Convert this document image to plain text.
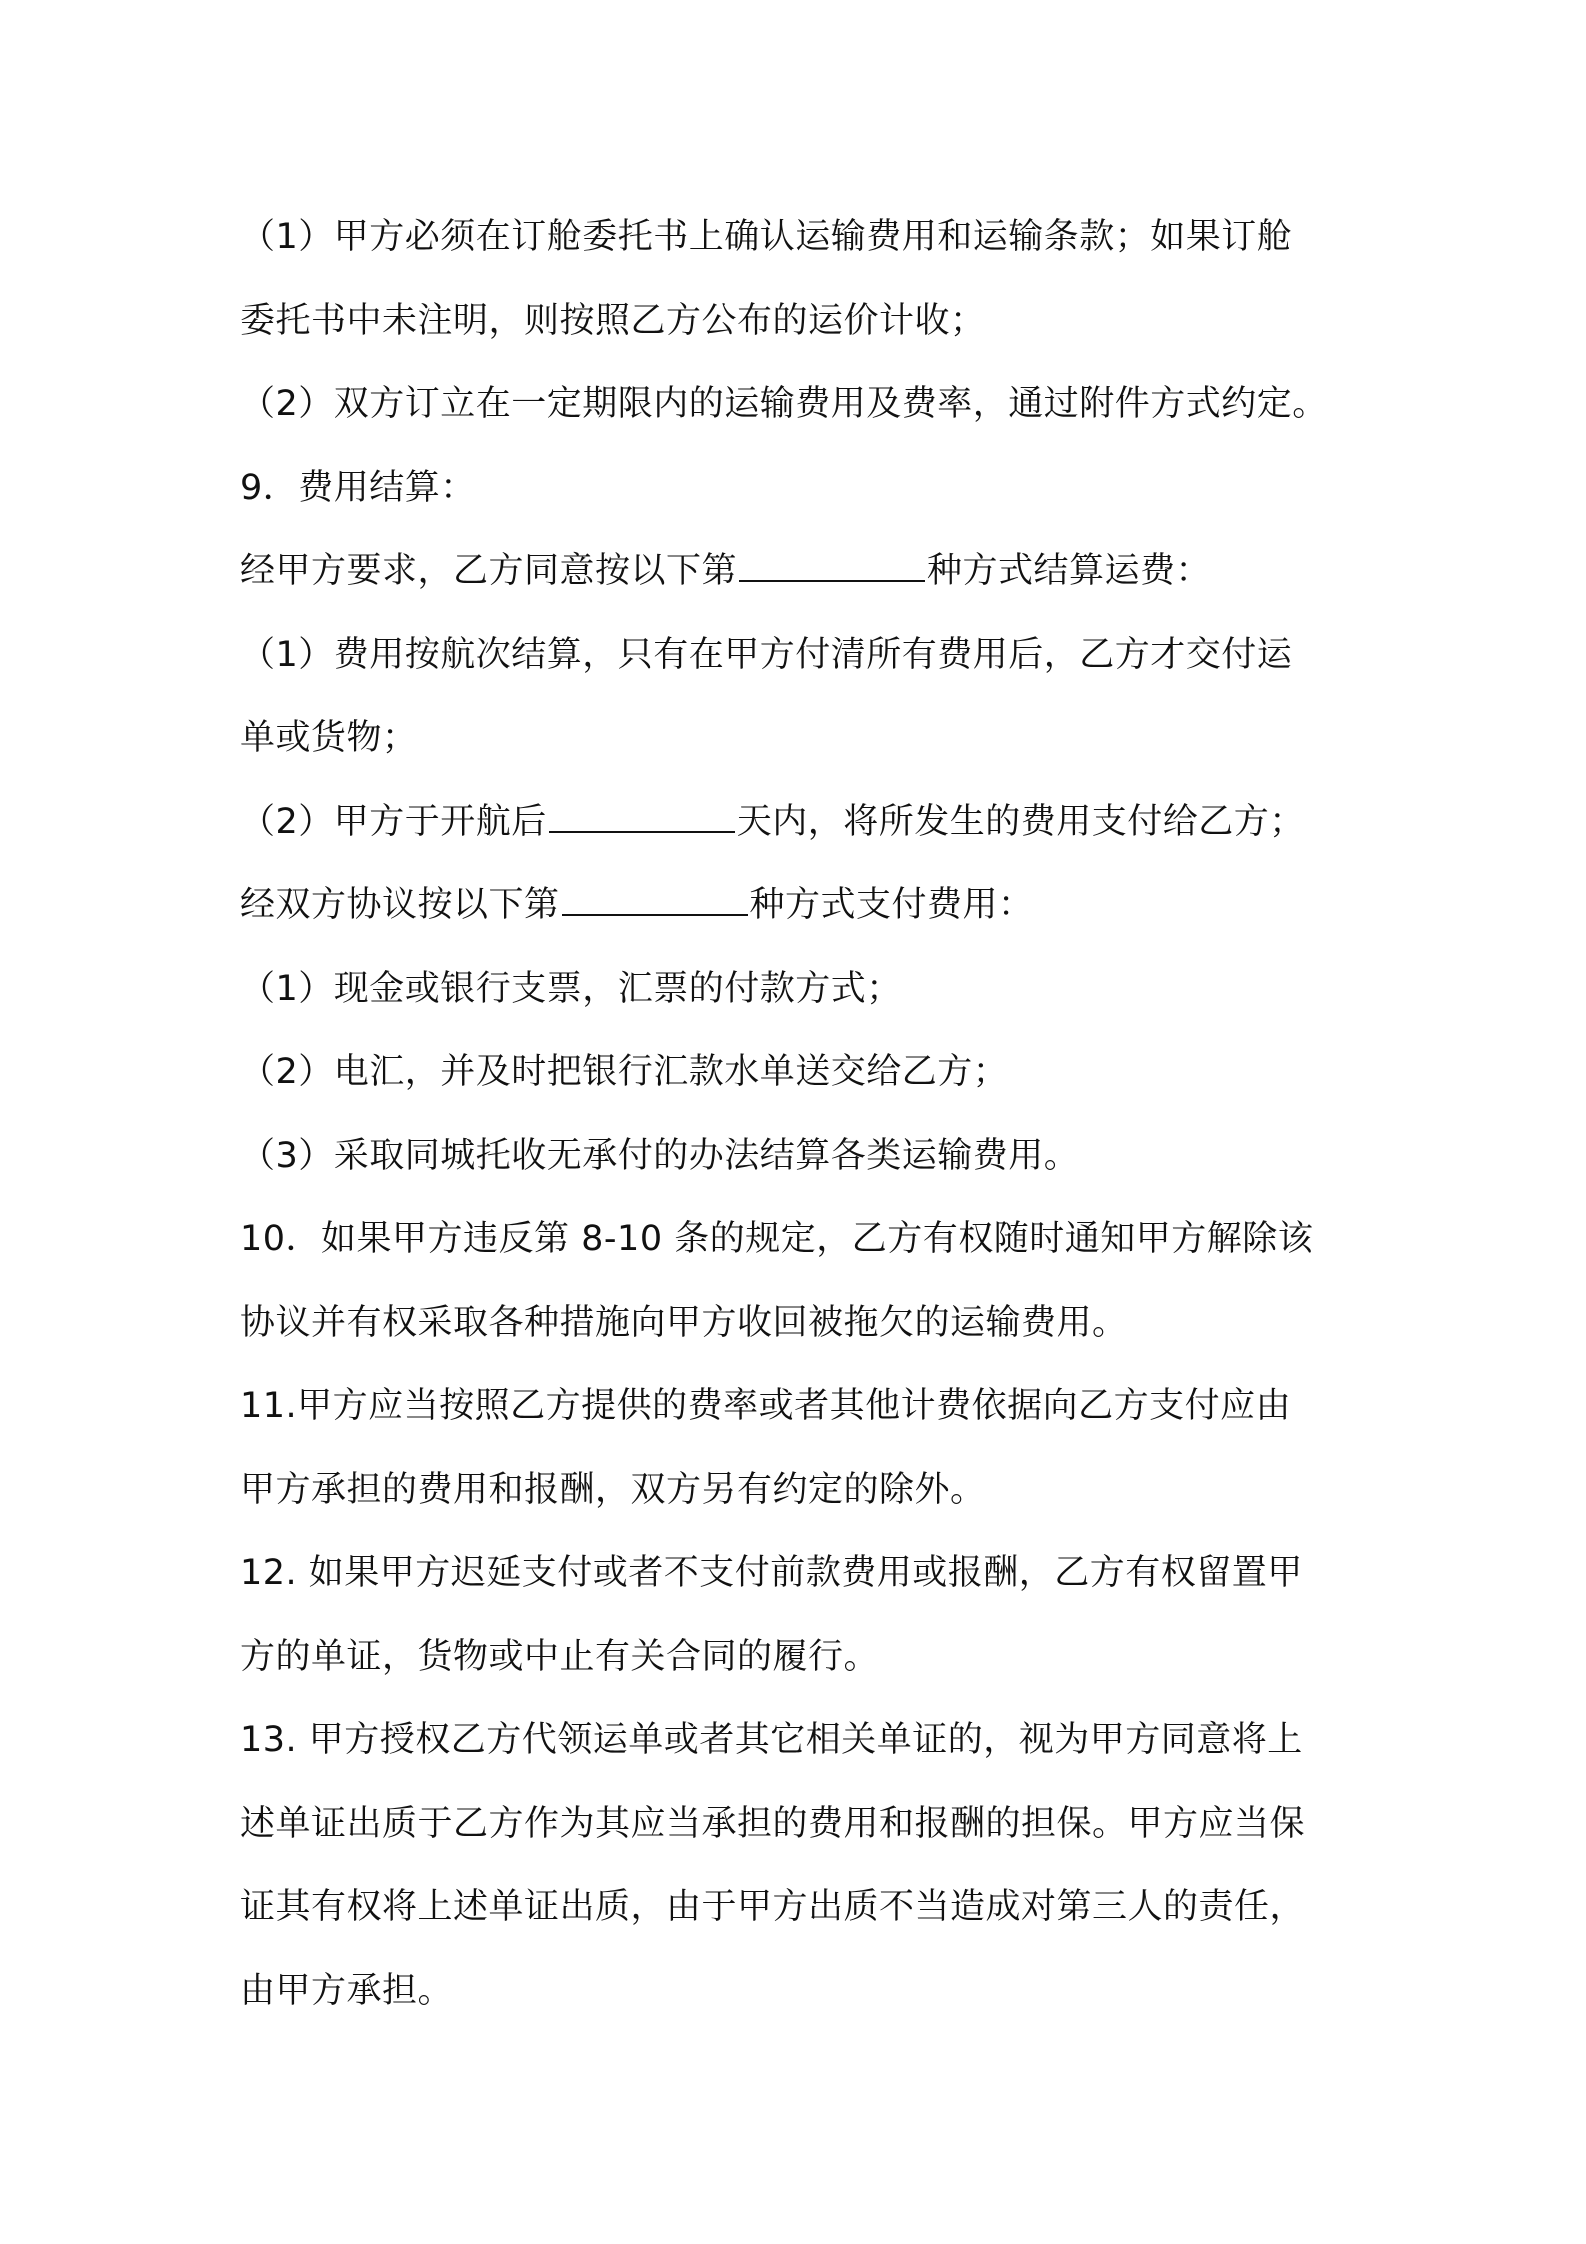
（1）甲方必须在订舱委托书上确认运输费用和运输条款；如果订舱
委托书中未注明，则按照乙方公布的运价计收；
（2）双方订立在一定期限内的运输费用及费率，通过附件方式约定。
9．费用结算：
经甲方要求，乙方同意按以下第	种方式结算运费：
（1）费用按航次结算，只有在甲方付清所有费用后，乙方才交付运
单或货物；
（2）甲方于开航后	天内，将所发生的费用支付给乙方；
经双方协议按以下第	种方式支付费用：
（1）现金或银行支票，汇票的付款方式；
（2）电汇，并及时把银行汇款水单送交给乙方；
（3）采取同城托收无承付的办法结算各类运输费用。
10．如果甲方违反第 8-10 条的规定，乙方有权随时通知甲方解除该
协议并有权采取各种措施向甲方收回被拖欠的运输费用。
11.甲方应当按照乙方提供的费率或者其他计费依据向乙方支付应由
甲方承担的费用和报酬，双方另有约定的除外。
12. 如果甲方迟延支付或者不支付前款费用或报酬，乙方有权留置甲
方的单证，货物或中止有关合同的履行。
13. 甲方授权乙方代领运单或者其它相关单证的，视为甲方同意将上
述单证出质于乙方作为其应当承担的费用和报酬的担保。甲方应当保
证其有权将上述单证出质，由于甲方出质不当造成对第三人的责任，
由甲方承担。
